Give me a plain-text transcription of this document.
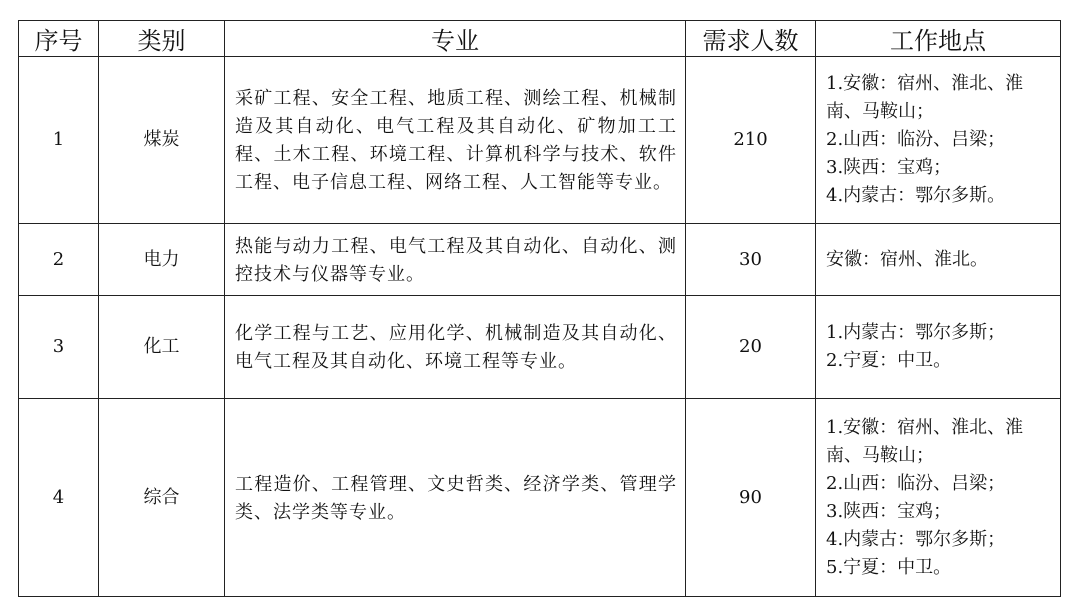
序号	类别	专业	需求人数	工作地点
1	煤炭	采矿工程、安全工程、地质工程、测绘工程、机械制造及其自动化、电气工程及其自动化、矿物加工工程、土木工程、环境工程、计算机科学与技术、软件工程、电子信息工程、网络工程、人工智能等专业。	210	1.安徽：宿州、淮北、淮南、马鞍山；
2.山西：临汾、吕梁；
3.陕西：宝鸡；
4.内蒙古：鄂尔多斯。

2	电力	热能与动力工程、电气工程及其自动化、自动化、测控技术与仪器等专业。	30	安徽：宿州、淮北。

3	化工	化学工程与工艺、应用化学、机械制造及其自动化、电气工程及其自动化、环境工程等专业。	20	1.内蒙古：鄂尔多斯；
2.宁夏：中卫。

4	综合	工程造价、工程管理、文史哲类、经济学类、管理学类、法学类等专业。	90	1.安徽：宿州、淮北、淮南、马鞍山；
2.山西：临汾、吕梁；
3.陕西：宝鸡；
4.内蒙古：鄂尔多斯；
5.宁夏：中卫。
